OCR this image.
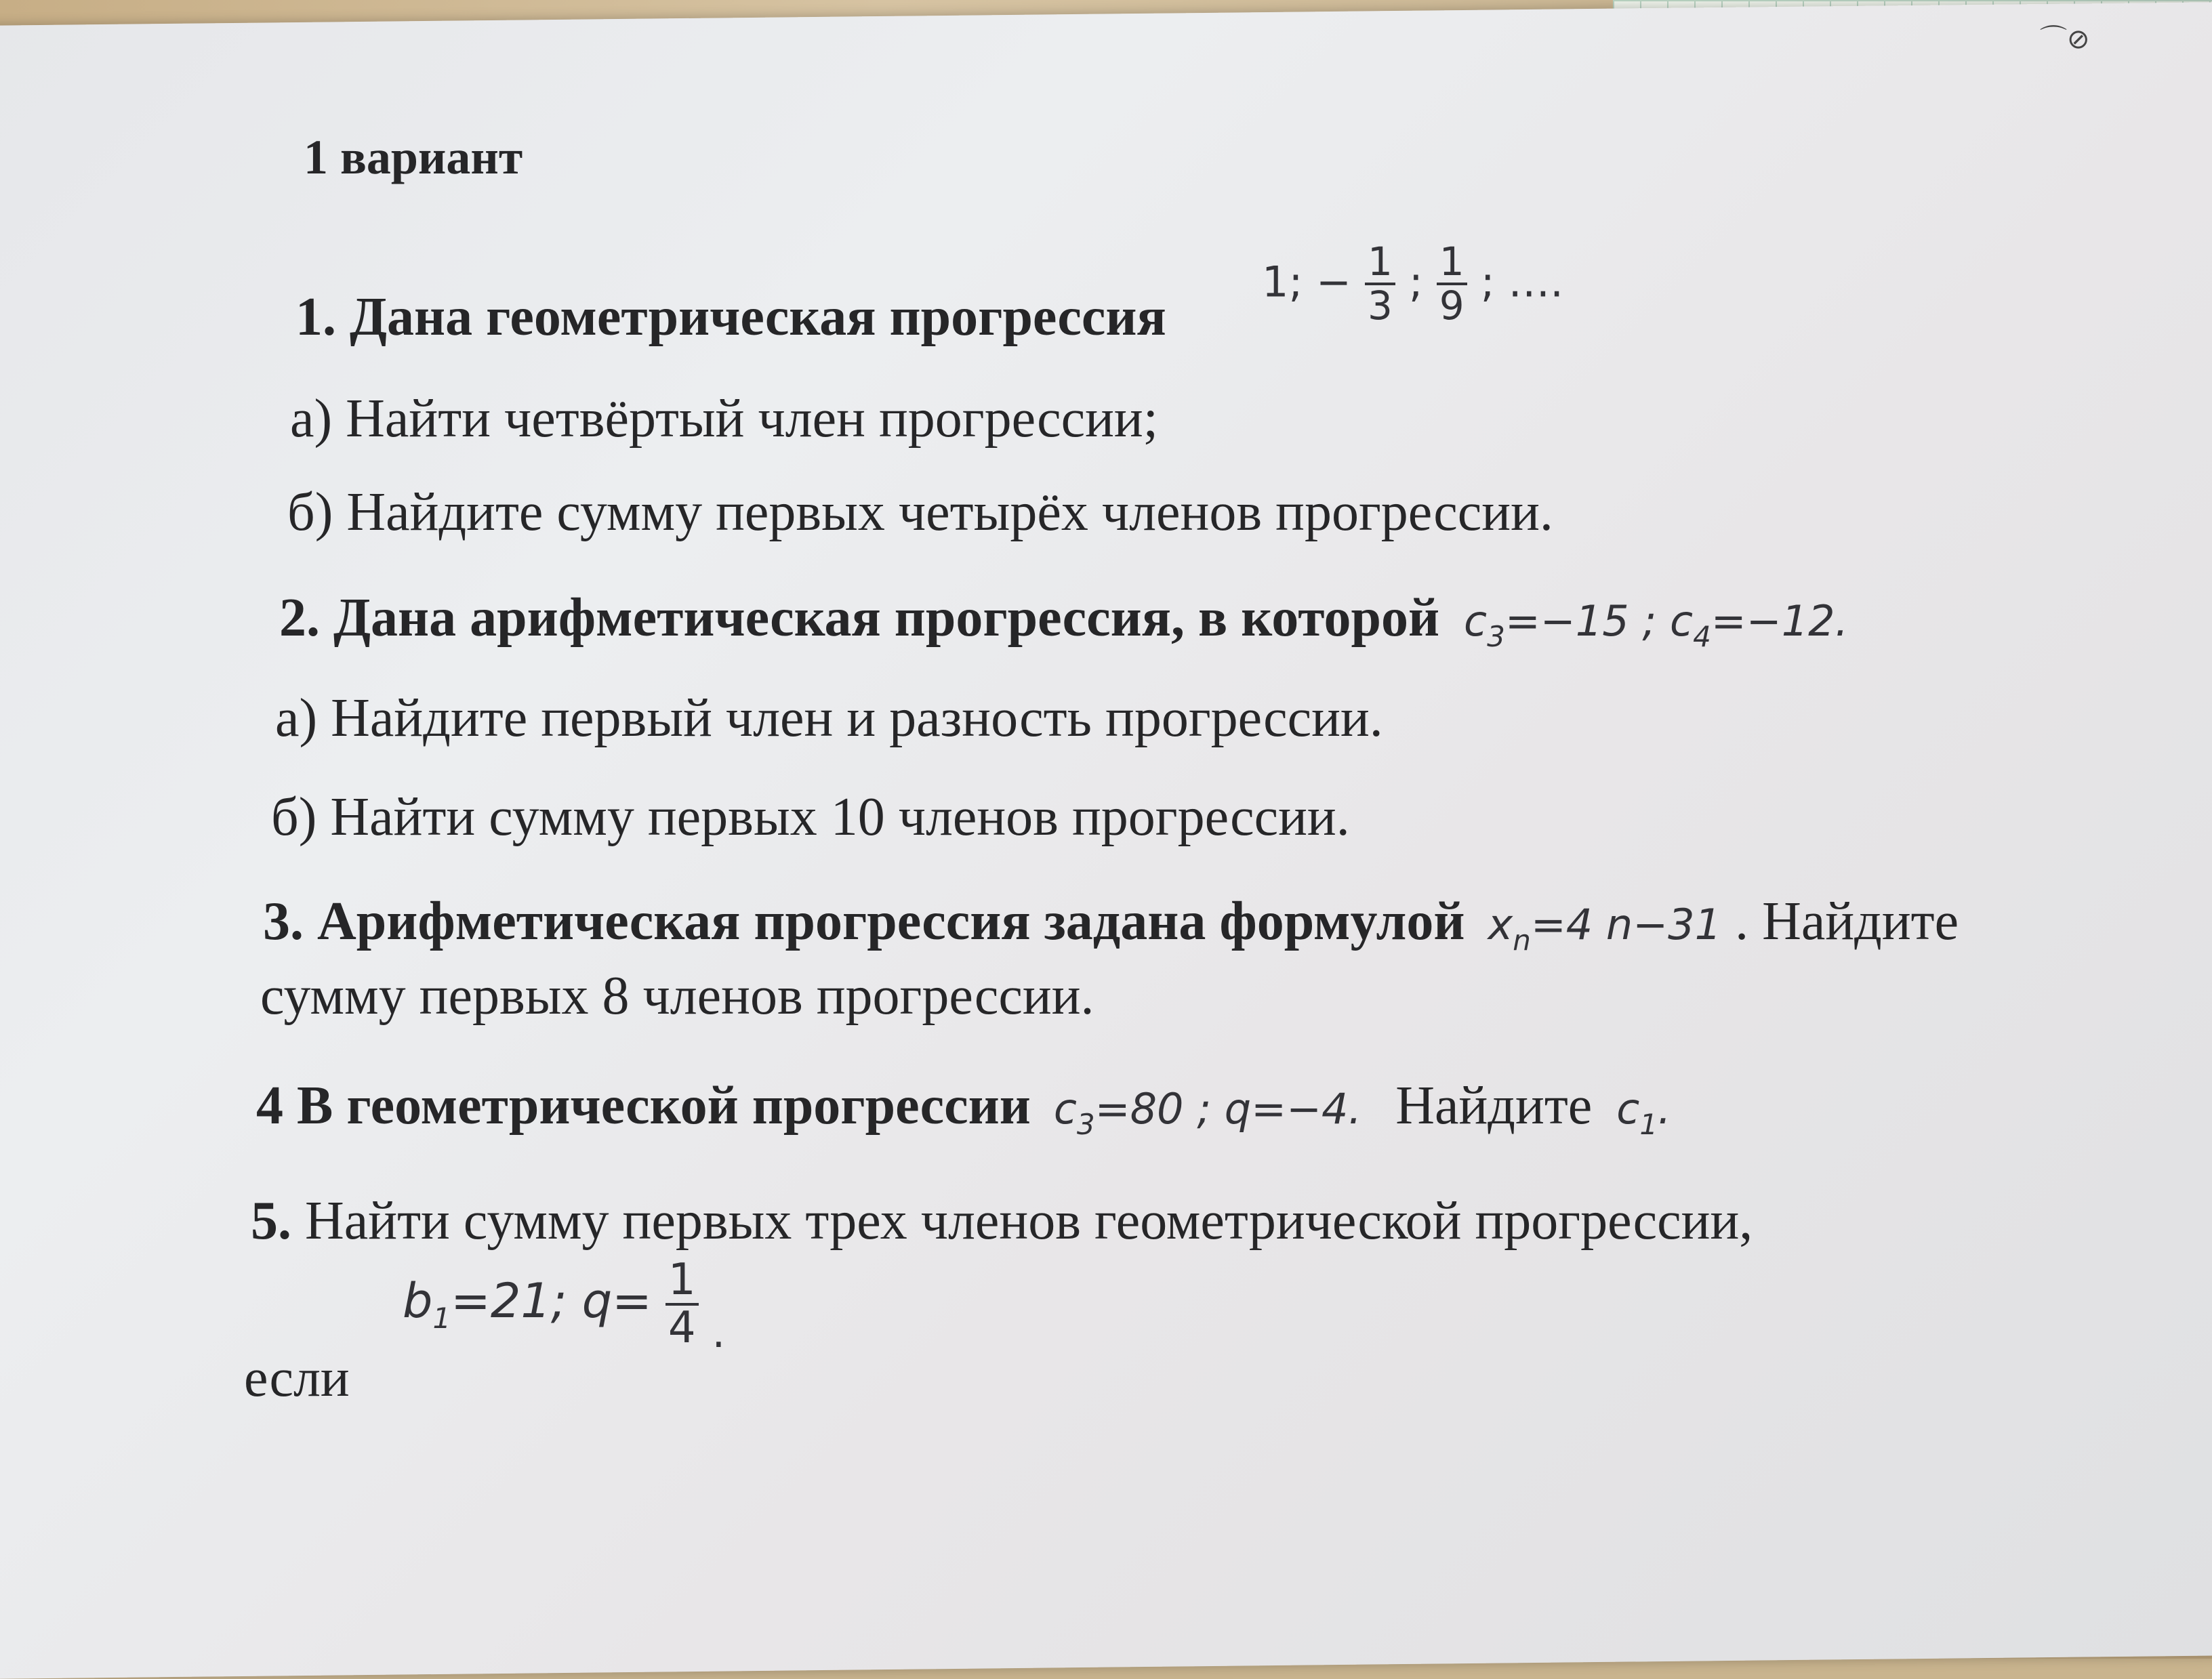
⌒⊘
1 вариант
1. Дана геометрическая прогрессия
1; − $\frac{1}{3}$ ; $\frac{1}{9}$ ; ….
а) Найти четвёртый член прогрессии;
б) Найдите сумму первых четырёх членов прогрессии.
2. Дана арифметическая прогрессия, в которой $c_3=-15$ ; $c_4=-12$.
а) Найдите первый член и разность прогрессии.
б) Найти сумму первых 10 членов прогрессии.
3. Арифметическая прогрессия задана формулой $x_n=4$ n−31 . Найдите
сумму первых 8 членов прогрессии.
4 В геометрической прогрессии $c_3=80$ ; q=−4. Найдите $c_1$.
5. Найти сумму первых трех членов геометрической прогрессии,
если
$b_1=21$; $q= \frac{1}{4} _.$
